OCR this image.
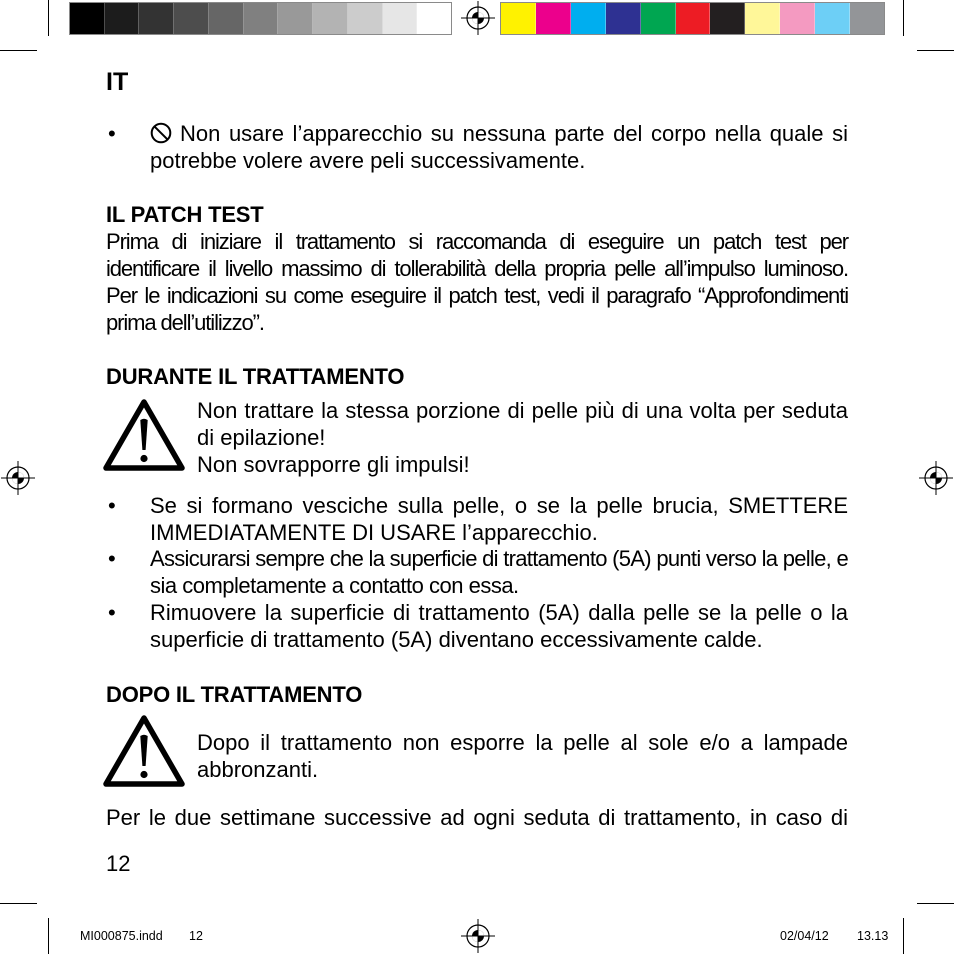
IT
•	Non usare l’apparecchio su nessuna parte del corpo nella quale si
potrebbe volere avere peli successivamente.
IL PATCH TEST
Prima di iniziare il trattamento si raccomanda di eseguire un patch test per
identificare il livello massimo di tollerabilità della propria pelle all’impulso luminoso.
Per le indicazioni su come eseguire il patch test, vedi il paragrafo “Approfondimenti
prima dell’utilizzo”.
DURANTE IL TRATTAMENTO
Non trattare la stessa porzione di pelle più di una volta per seduta
di epilazione!
Non sovrapporre gli impulsi!
• Se si formano vesciche sulla pelle, o se la pelle brucia, SMETTERE
IMMEDIATAMENTE DI USARE l’apparecchio.
• Assicurarsi sempre che la superficie di trattamento (5A) punti verso la pelle, e
sia completamente a contatto con essa.
• Rimuovere la superficie di trattamento (5A) dalla pelle se la pelle o la
superficie di trattamento (5A) diventano eccessivamente calde.
DOPO IL TRATTAMENTO
Dopo il trattamento non esporre la pelle al sole e/o a lampade
abbronzanti.
Per le due settimane successive ad ogni seduta di trattamento, in caso di
12
MI000875.indd 12	02/04/12 13.13
